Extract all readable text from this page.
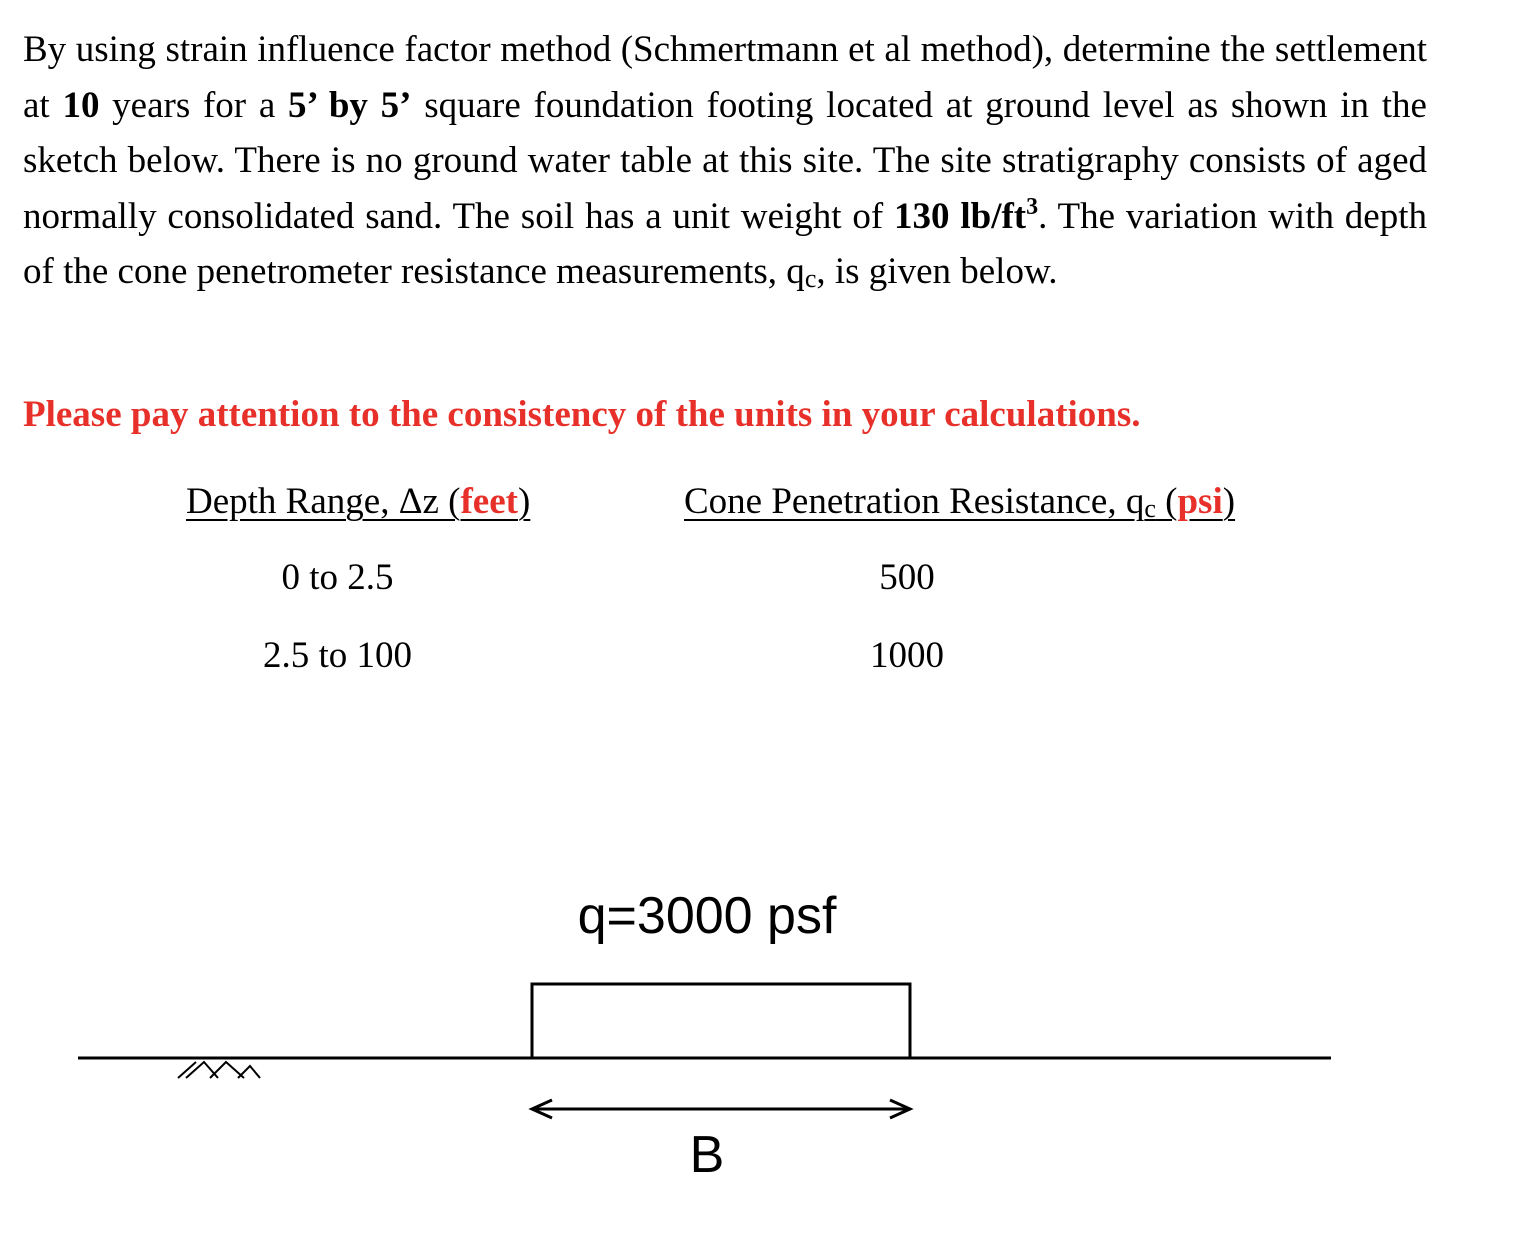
By using strain influence factor method (Schmertmann et al method), determine the settlement at 10 years for a 5’ by 5’ square foundation footing located at ground level as shown in the sketch below. There is no ground water table at this site. The site stratigraphy consists of aged normally consolidated sand. The soil has a unit weight of 130 $lb/ft^3$. The variation with depth of the cone penetrometer resistance measurements, $q_c$, is given below.
Please pay attention to the consistency of the units in your calculations.
Depth Range, Δz (feet)	Cone Penetration Resistance, $q_c$ (psi)
0 to 2.5	500
2.5 to 100	1000
q=3000 psf
B
